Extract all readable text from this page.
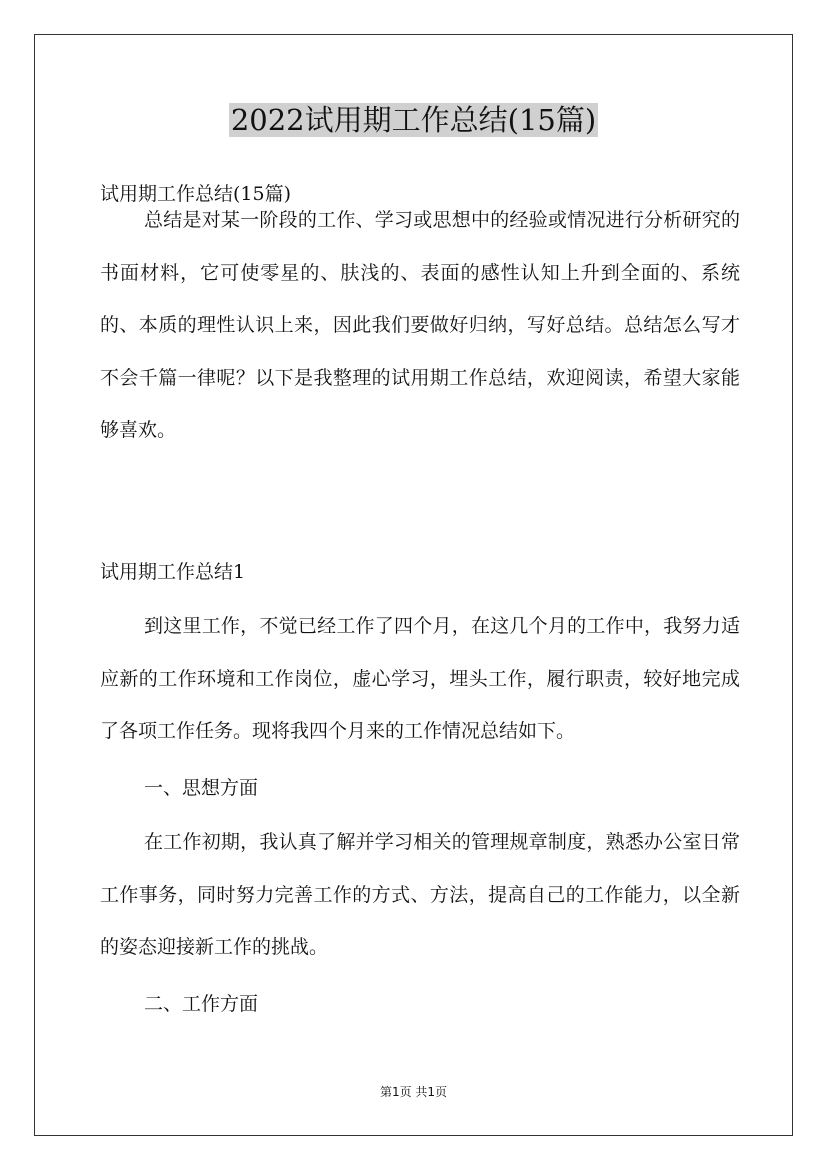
2022试用期工作总结(15篇)

试用期工作总结(15篇)

总结是对某一阶段的工作、学习或思想中的经验或情况进行分析研究的书面材料，它可使零星的、肤浅的、表面的感性认知上升到全面的、系统的、本质的理性认识上来，因此我们要做好归纳，写好总结。总结怎么写才不会千篇一律呢？以下是我整理的试用期工作总结，欢迎阅读，希望大家能够喜欢。

试用期工作总结1

到这里工作，不觉已经工作了四个月，在这几个月的工作中，我努力适应新的工作环境和工作岗位，虚心学习，埋头工作，履行职责，较好地完成了各项工作任务。现将我四个月来的工作情况总结如下。

一、思想方面

在工作初期，我认真了解并学习相关的管理规章制度，熟悉办公室日常工作事务，同时努力完善工作的方式、方法，提高自己的工作能力，以全新的姿态迎接新工作的挑战。

二、工作方面

第1页 共1页
